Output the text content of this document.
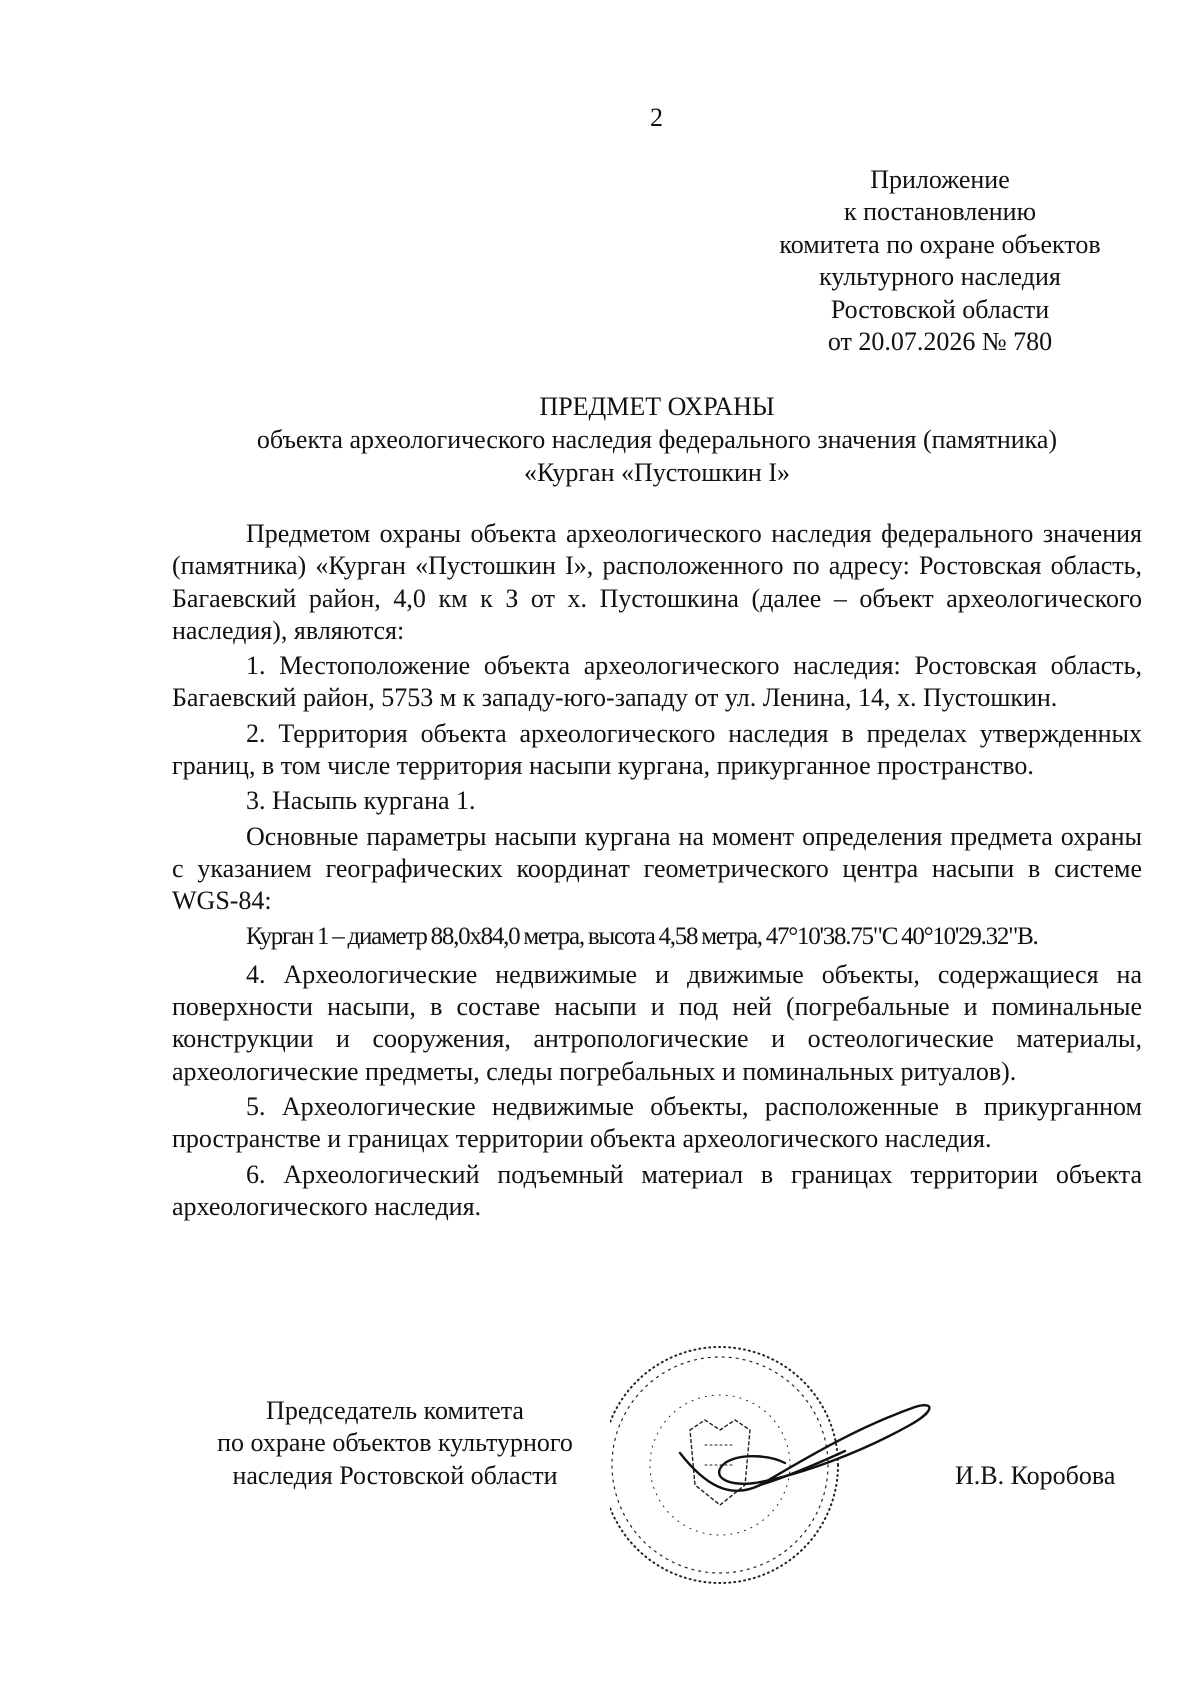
2
Приложение
к постановлению
комитета по охране объектов
культурного наследия
Ростовской области
от 20.07.2026 № 780
ПРЕДМЕТ ОХРАНЫ
объекта археологического наследия федерального значения (памятника)
«Курган «Пустошкин I»

Предметом охраны объекта археологического наследия федерального значения (памятника) «Курган «Пустошкин I», расположенного по адресу: Ростовская область, Багаевский район, 4,0 км к З от х. Пустошкина (далее – объект археологического наследия), являются:

1. Местоположение объекта археологического наследия: Ростовская область, Багаевский район, 5753 м к западу-юго-западу от ул. Ленина, 14, х. Пустошкин.

2. Территория объекта археологического наследия в пределах утвержденных границ, в том числе территория насыпи кургана, прикурганное пространство.

3. Насыпь кургана 1.

Основные параметры насыпи кургана на момент определения предмета охраны с указанием географических координат геометрического центра насыпи в системе WGS-84:

Курган 1 – диаметр 88,0х84,0 метра, высота 4,58 метра, 47°10'38.75"С 40°10'29.32"В.

4. Археологические недвижимые и движимые объекты, содержащиеся на поверхности насыпи, в составе насыпи и под ней (погребальные и поминальные конструкции и сооружения, антропологические и остеологические материалы, археологические предметы, следы погребальных и поминальных ритуалов).

5. Археологические недвижимые объекты, расположенные в прикурганном пространстве и границах территории объекта археологического наследия.

6. Археологический подъемный материал в границах территории объекта археологического наследия.

Председатель комитета
по охране объектов культурного
наследия Ростовской области	И.В. Коробова
